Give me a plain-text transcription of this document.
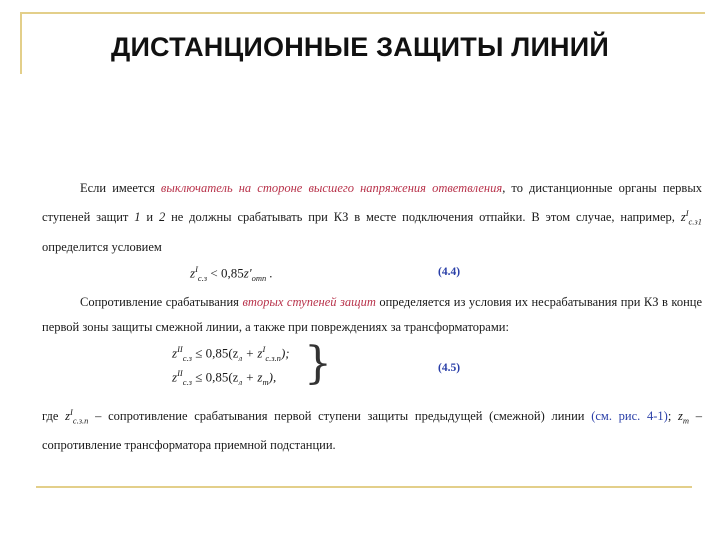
ДИСТАНЦИОННЫЕ ЗАЩИТЫ ЛИНИЙ

Если имеется выключатель на стороне высшего напряжения ответвления, то дистанционные органы первых ступеней защит 1 и 2 не должны срабатывать при КЗ в месте подключения отпайки. В этом случае, например, $z^I_{c.з1}$ определится условием

$z^I_{c.з} < 0,85z'_{отп}$ .	(4.4)

Сопротивление срабатывания вторых ступеней защит определяется из условия их несрабатывания при КЗ в конце первой зоны защиты смежной линии, а также при повреждениях за трансформаторами:

$z^{II}_{c.з} \le 0,85(z_л + z^I_{c.з.п})$;
$z^{II}_{c.з} \le 0,85(z_л + z_т)$, }	(4.5)

где $z^I_{c.з.п}$ – сопротивление срабатывания первой ступени защиты предыдущей (смежной) линии (см. рис. 4-1); $z_т$ – сопротивление трансформатора приемной подстанции.
